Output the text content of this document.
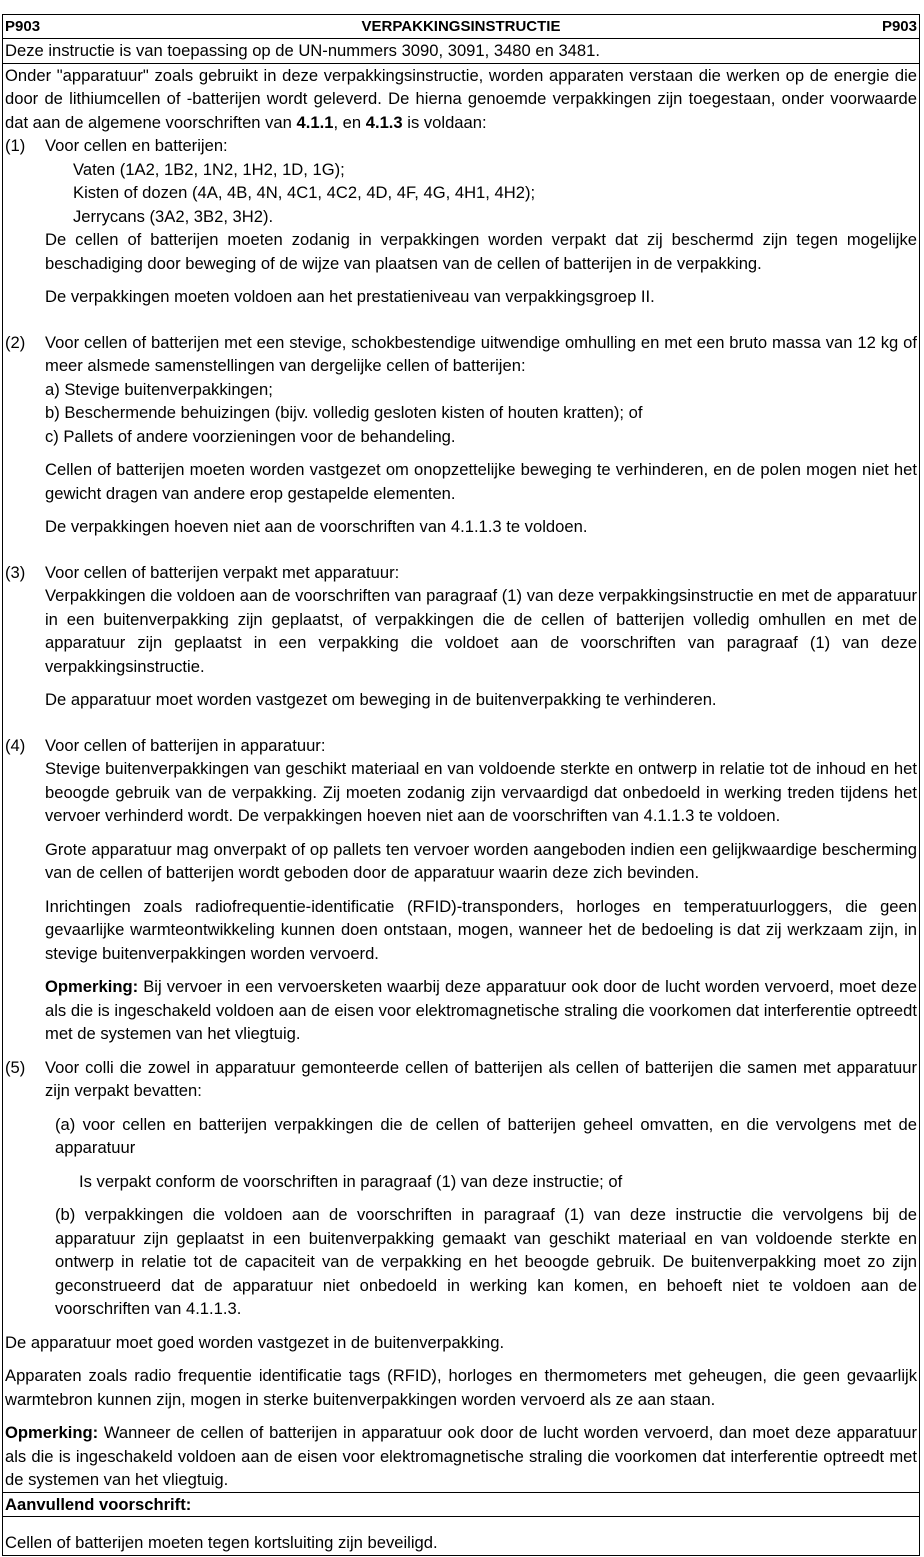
P903	VERPAKKINGSINSTRUCTIE	P903

Deze instructie is van toepassing op de UN-nummers 3090, 3091, 3480 en 3481.

Onder "apparatuur" zoals gebruikt in deze verpakkingsinstructie, worden apparaten verstaan die werken op de energie die door de lithiumcellen of -batterijen wordt geleverd. De hierna genoemde verpakkingen zijn toegestaan, onder voorwaarde dat aan de algemene voorschriften van 4.1.1, en 4.1.3 is voldaan:

(1) Voor cellen en batterijen:

Vaten (1A2, 1B2, 1N2, 1H2, 1D, 1G);

Kisten of dozen (4A, 4B, 4N, 4C1, 4C2, 4D, 4F, 4G, 4H1, 4H2);

Jerrycans (3A2, 3B2, 3H2).

De cellen of batterijen moeten zodanig in verpakkingen worden verpakt dat zij beschermd zijn tegen mogelijke beschadiging door beweging of de wijze van plaatsen van de cellen of batterijen in de verpakking.

De verpakkingen moeten voldoen aan het prestatieniveau van verpakkingsgroep II.

(2) Voor cellen of batterijen met een stevige, schokbestendige uitwendige omhulling en met een bruto massa van 12 kg of meer alsmede samenstellingen van dergelijke cellen of batterijen:

a) Stevige buitenverpakkingen;

b) Beschermende behuizingen (bijv. volledig gesloten kisten of houten kratten); of

c) Pallets of andere voorzieningen voor de behandeling.

Cellen of batterijen moeten worden vastgezet om onopzettelijke beweging te verhinderen, en de polen mogen niet het gewicht dragen van andere erop gestapelde elementen.

De verpakkingen hoeven niet aan de voorschriften van 4.1.1.3 te voldoen.

(3) Voor cellen of batterijen verpakt met apparatuur:

Verpakkingen die voldoen aan de voorschriften van paragraaf (1) van deze verpakkingsinstructie en met de apparatuur in een buitenverpakking zijn geplaatst, of verpakkingen die de cellen of batterijen volledig omhullen en met de apparatuur zijn geplaatst in een verpakking die voldoet aan de voorschriften van paragraaf (1) van deze verpakkingsinstructie.

De apparatuur moet worden vastgezet om beweging in de buitenverpakking te verhinderen.

(4) Voor cellen of batterijen in apparatuur:

Stevige buitenverpakkingen van geschikt materiaal en van voldoende sterkte en ontwerp in relatie tot de inhoud en het beoogde gebruik van de verpakking. Zij moeten zodanig zijn vervaardigd dat onbedoeld in werking treden tijdens het vervoer verhinderd wordt. De verpakkingen hoeven niet aan de voorschriften van 4.1.1.3 te voldoen.

Grote apparatuur mag onverpakt of op pallets ten vervoer worden aangeboden indien een gelijkwaardige bescherming van de cellen of batterijen wordt geboden door de apparatuur waarin deze zich bevinden.

Inrichtingen zoals radiofrequentie-identificatie (RFID)-transponders, horloges en temperatuurloggers, die geen gevaarlijke warmteontwikkeling kunnen doen ontstaan, mogen, wanneer het de bedoeling is dat zij werkzaam zijn, in stevige buitenverpakkingen worden vervoerd.

Opmerking: Bij vervoer in een vervoersketen waarbij deze apparatuur ook door de lucht worden vervoerd, moet deze als die is ingeschakeld voldoen aan de eisen voor elektromagnetische straling die voorkomen dat interferentie optreedt met de systemen van het vliegtuig.

(5) Voor colli die zowel in apparatuur gemonteerde cellen of batterijen als cellen of batterijen die samen met apparatuur zijn verpakt bevatten:

(a) voor cellen en batterijen verpakkingen die de cellen of batterijen geheel omvatten, en die vervolgens met de apparatuur

Is verpakt conform de voorschriften in paragraaf (1) van deze instructie; of

(b) verpakkingen die voldoen aan de voorschriften in paragraaf (1) van deze instructie die vervolgens bij de apparatuur zijn geplaatst in een buitenverpakking gemaakt van geschikt materiaal en van voldoende sterkte en ontwerp in relatie tot de capaciteit van de verpakking en het beoogde gebruik. De buitenverpakking moet zo zijn geconstrueerd dat de apparatuur niet onbedoeld in werking kan komen, en behoeft niet te voldoen aan de voorschriften van 4.1.1.3.

De apparatuur moet goed worden vastgezet in de buitenverpakking.

Apparaten zoals radio frequentie identificatie tags (RFID), horloges en thermometers met geheugen, die geen gevaarlijk warmtebron kunnen zijn, mogen in sterke buitenverpakkingen worden vervoerd als ze aan staan.

Opmerking: Wanneer de cellen of batterijen in apparatuur ook door de lucht worden vervoerd, dan moet deze apparatuur als die is ingeschakeld voldoen aan de eisen voor elektromagnetische straling die voorkomen dat interferentie optreedt met de systemen van het vliegtuig.

Aanvullend voorschrift:

Cellen of batterijen moeten tegen kortsluiting zijn beveiligd.
